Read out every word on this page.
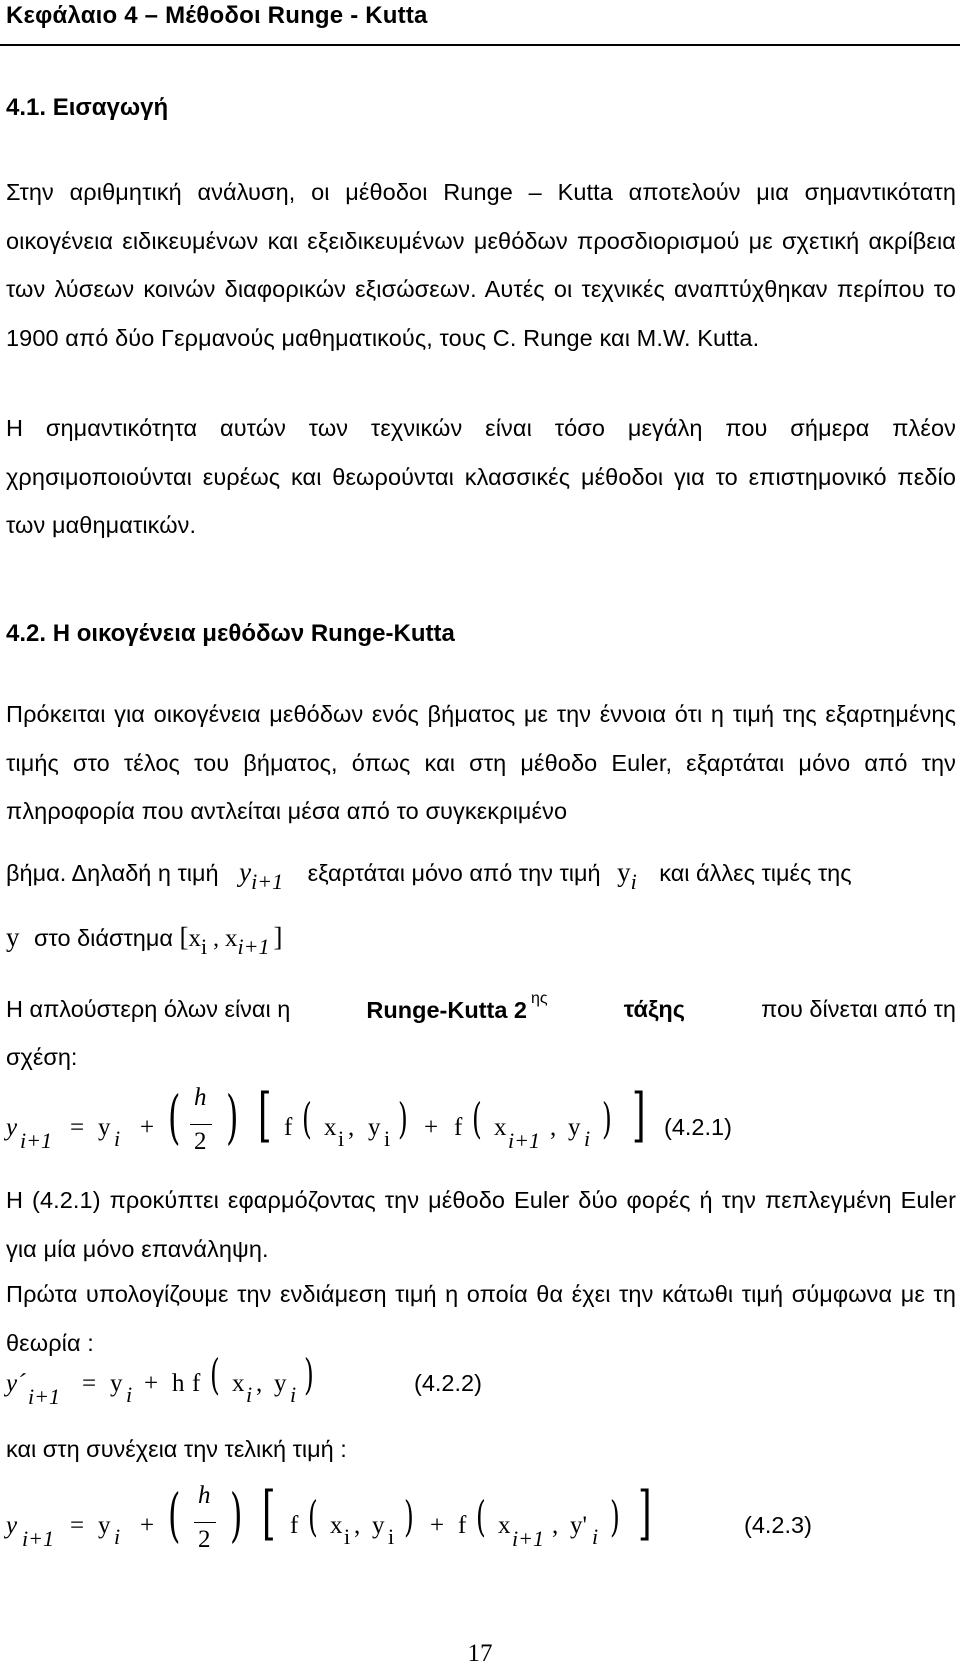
Κεφάλαιο 4 – Μέθοδοι Runge - Kutta
4.1. Εισαγωγή
Στην αριθμητική ανάλυση, οι μέθοδοι Runge – Kutta αποτελούν μια σημαντικότατη οικογένεια ειδικευμένων και εξειδικευμένων μεθόδων προσδιορισμού με σχετική ακρίβεια των λύσεων κοινών διαφορικών εξισώσεων. Αυτές οι τεχνικές αναπτύχθηκαν περίπου το 1900 από δύο Γερμανούς μαθηματικούς, τους C. Runge και M.W. Kutta.
Η σημαντικότητα αυτών των τεχνικών είναι τόσο μεγάλη που σήμερα πλέον χρησιμοποιούνται ευρέως και θεωρούνται κλασσικές μέθοδοι για το επιστημονικό πεδίο των μαθηματικών.
4.2. Η οικογένεια μεθόδων Runge-Kutta
Πρόκειται για οικογένεια μεθόδων ενός βήματος με την έννοια ότι η τιμή της εξαρτημένης τιμής στο τέλος του βήματος, όπως και στη μέθοδο Euler, εξαρτάται μόνο από την πληροφορία που αντλείται μέσα από το συγκεκριμένο
βήμα. Δηλαδή η τιμή yi+1 εξαρτάται μόνο από την τιμή yi και άλλες τιμές της
y στο διάστημα [xi , xi+1 ]
Η απλούστερη όλων είναι η	Runge-Kutta 2 $^{\eta\varsigma}$	τάξης	που δίνεται από τη
σχέση:
y i+1 = y i + ( h
2 ) [ f ( x i , y i ) + f ( x i+1 , y i ) ] (4.2.1)
Η (4.2.1) προκύπτει εφαρμόζοντας την μέθοδο Euler δύο φορές ή την πεπλεγμένη Euler για μία μόνο επανάληψη.
Πρώτα υπολογίζουμε την ενδιάμεση τιμή η οποία θα έχει την κάτωθι τιμή σύμφωνα με τη θεωρία :
y´ i+1 = y i + h f ( x i , y i )	(4.2.2)
και στη συνέχεια την τελική τιμή :
y i+1 = y i + ( h
2 ) [ f ( x i , y i ) + f ( x i+1 , y' i ) ]	(4.2.3)
17
